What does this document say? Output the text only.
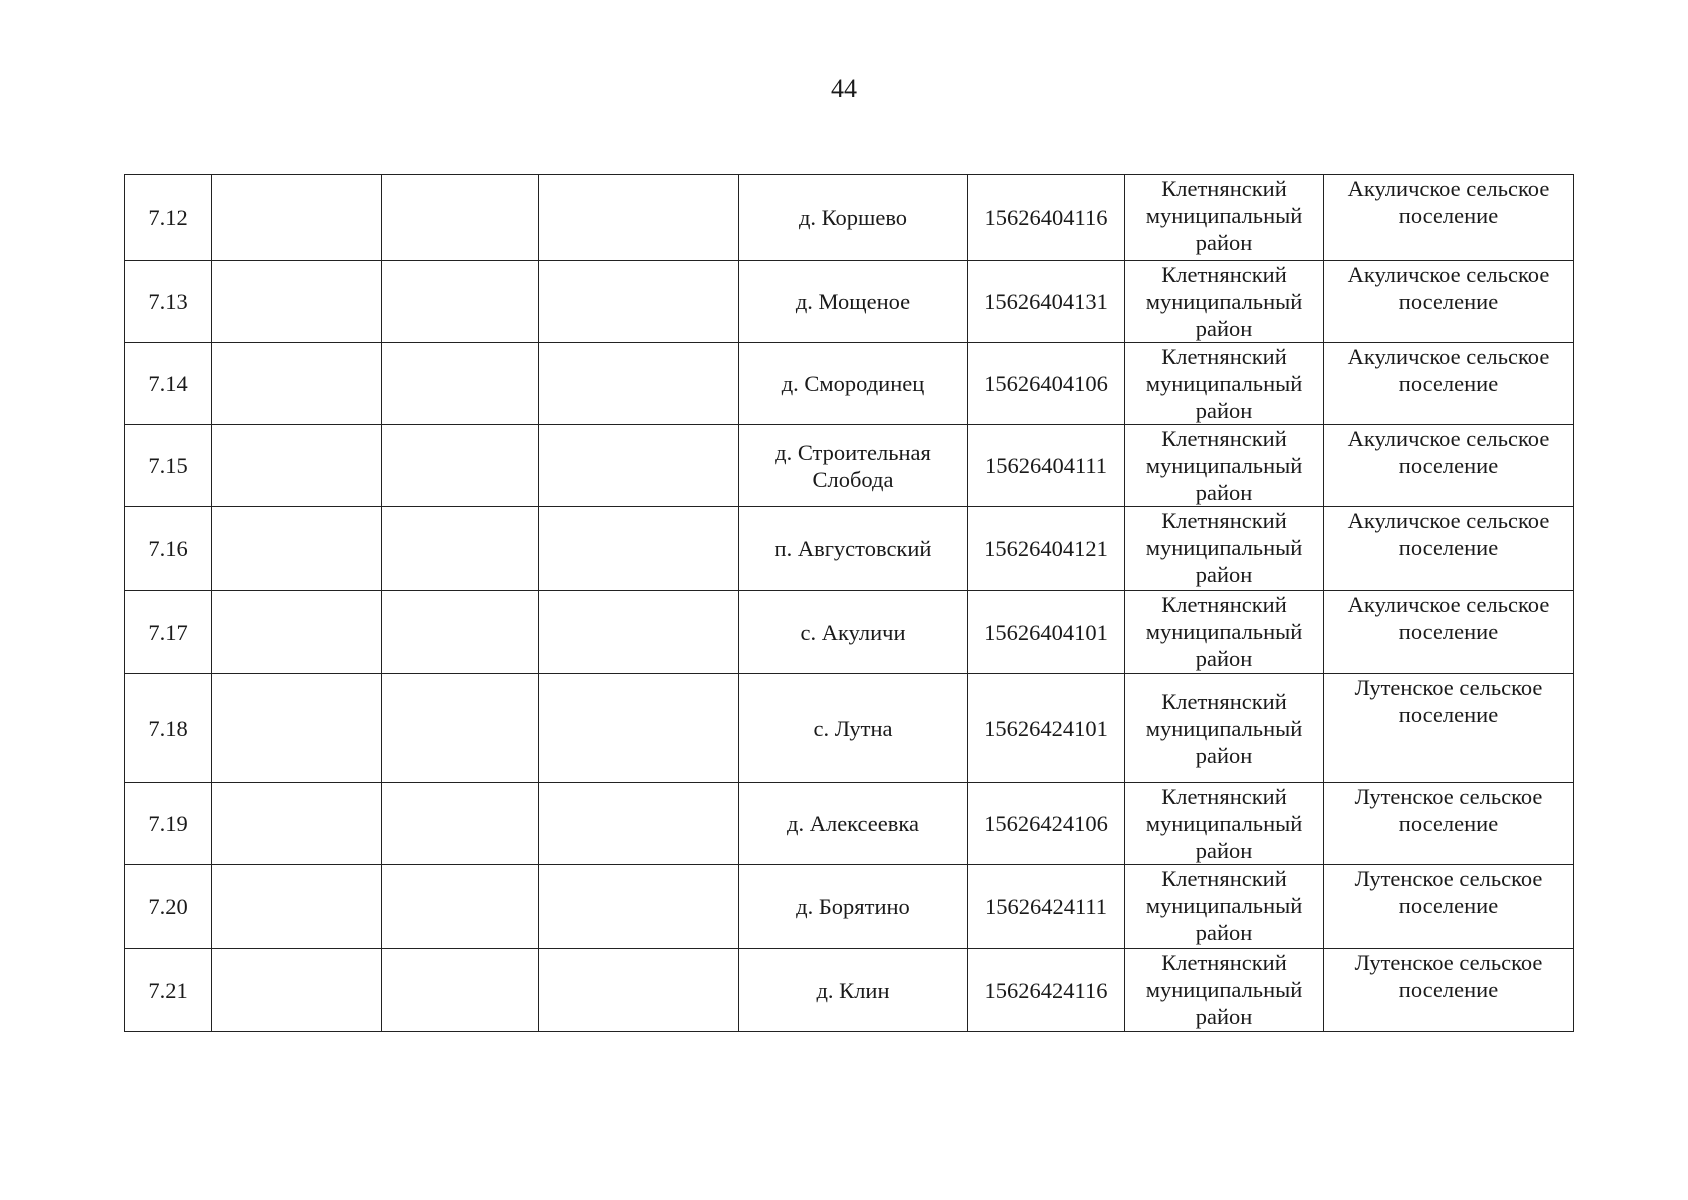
44
7.12				д. Коршево	15626404116	Клетнянский муниципальный район	Акуличское сельское поселение
7.13				д. Мощеное	15626404131	Клетнянский муниципальный район	Акуличское сельское поселение
7.14				д. Смородинец	15626404106	Клетнянский муниципальный район	Акуличское сельское поселение
7.15				д. Строительная Слобода	15626404111	Клетнянский муниципальный район	Акуличское сельское поселение
7.16				п. Августовский	15626404121	Клетнянский муниципальный район	Акуличское сельское поселение
7.17				с. Акуличи	15626404101	Клетнянский муниципальный район	Акуличское сельское поселение
7.18				с. Лутна	15626424101	Клетнянский муниципальный район	Лутенское сельское поселение
7.19				д. Алексеевка	15626424106	Клетнянский муниципальный район	Лутенское сельское поселение
7.20				д. Борятино	15626424111	Клетнянский муниципальный район	Лутенское сельское поселение
7.21				д. Клин	15626424116	Клетнянский муниципальный район	Лутенское сельское поселение
